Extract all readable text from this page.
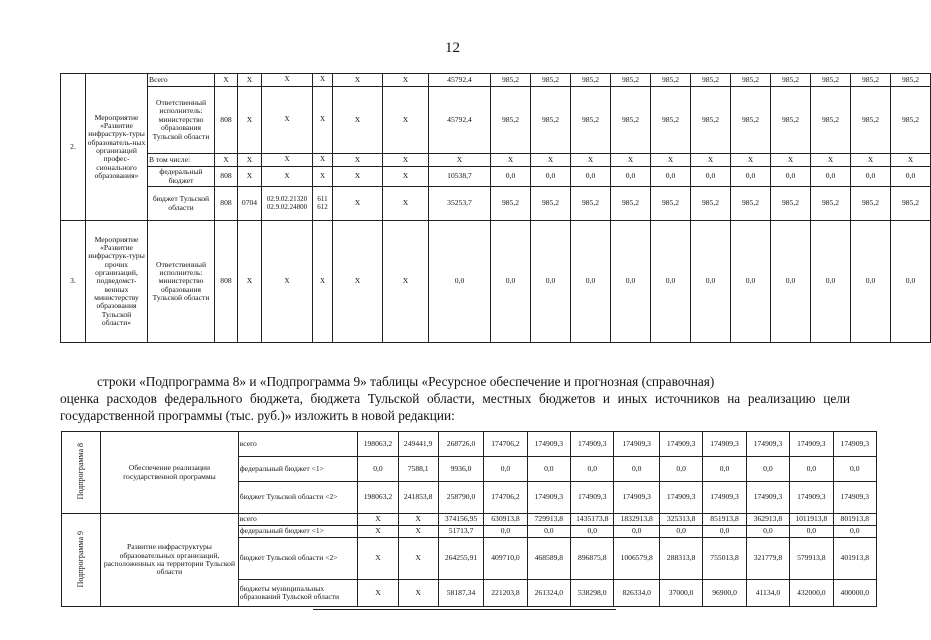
12
2.	Мероприятие «Развитие инфраструк-туры образователь-ных организаций профес-сионального образования»	Всего	Х	Х	Х	Х	Х	Х	45792,4	985,2	985,2	985,2	985,2	985,2	985,2	985,2	985,2	985,2	985,2	985,2
		Ответственный исполнитель: министерство образования Тульской области	808	Х	Х	Х	Х	Х	45792,4	985,2	985,2	985,2	985,2	985,2	985,2	985,2	985,2	985,2	985,2	985,2
		В том числе:	Х	Х	Х	Х	Х	Х	Х	Х	Х	Х	Х	Х	Х	Х	Х	Х	Х	Х
		федеральный бюджет	808	Х	Х	Х	Х	Х	10538,7	0,0	0,0	0,0	0,0	0,0	0,0	0,0	0,0	0,0	0,0	0,0
		бюджет Тульской области	808	0704	02.9.02.21320 02.9.02.24800	611 612	Х	Х	35253,7	985,2	985,2	985,2	985,2	985,2	985,2	985,2	985,2	985,2	985,2	985,2
3.	Мероприятие «Развитие инфраструк-туры прочих организаций, подведомст-венных министерству образования Тульской области»	Ответственный исполнитель: министерство образования Тульской области	808	Х	Х	Х	Х	Х	0,0	0,0	0,0	0,0	0,0	0,0	0,0	0,0	0,0	0,0	0,0	0,0
строки «Подпрограмма 8» и «Подпрограмма 9» таблицы «Ресурсное обеспечение и прогнозная (справочная)
оценка расходов федерального бюджета, бюджета Тульской области, местных бюджетов и иных источников на реализацию цели государственной программы (тыс. руб.)» изложить в новой редакции:
Подпрограмма 8	Обеспечение реализации государственной программы	всего	198063,2	249441,9	268726,0	174706,2	174909,3	174909,3	174909,3	174909,3	174909,3	174909,3	174909,3	174909,3
		федеральный бюджет <1>	0,0	7588,1	9936,0	0,0	0,0	0,0	0,0	0,0	0,0	0,0	0,0	0,0
		бюджет Тульской области <2>	198063,2	241853,8	258790,0	174706,2	174909,3	174909,3	174909,3	174909,3	174909,3	174909,3	174909,3	174909,3
Подпрограмма 9	Развитие инфраструктуры образовательных организаций, расположенных на территории Тульской области	всего	Х	Х	374156,95	630913,8	729913,8	1435173,8	1832913,8	325313,8	851913,8	362913,8	1011913,8	801913,8
		федеральный бюджет <1>	Х	Х	51713,7	0,0	0,0	0,0	0,0	0,0	0,0	0,0	0,0	0,0
		бюджет Тульской области <2>	Х	Х	264255,91	409710,0	468589,8	896875,8	1006579,8	288313,8	755013,8	321779,8	579913,8	401913,8
		бюджеты муниципальных образований Тульской области	Х	Х	58187,34	221203,8	261324,0	538298,0	826334,0	37000,0	96900,0	41134,0	432000,0	400000,0
